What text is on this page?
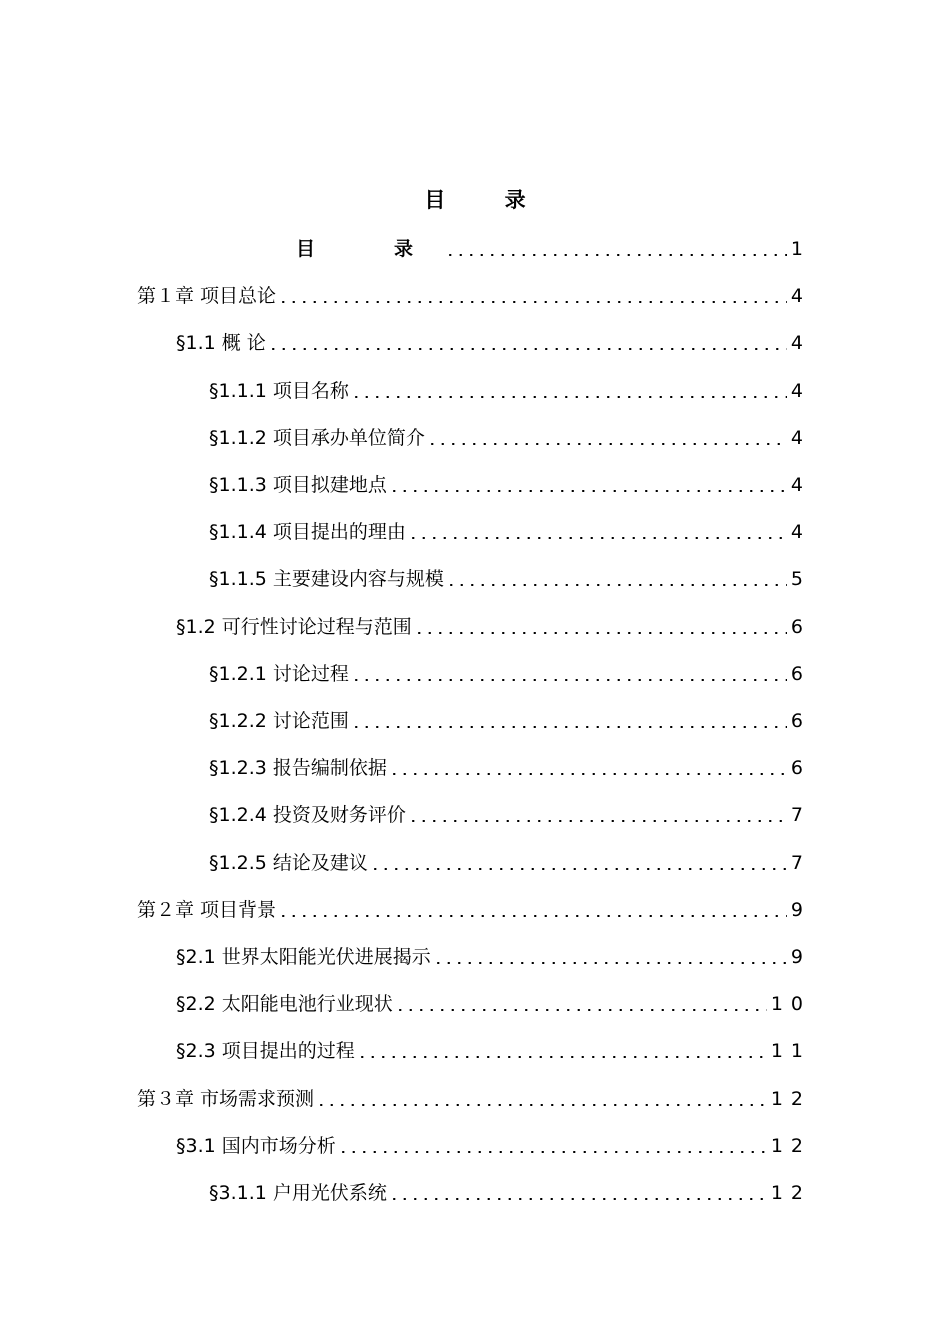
目 录
目　录	1
第１章 项目总论	4
§1.1 概 论	4
§1.1.1 项目名称	4
§1.1.2 项目承办单位简介	4
§1.1.3 项目拟建地点	4
§1.1.4 项目提出的理由	4
§1.1.5 主要建设内容与规模	5
§1.2 可行性讨论过程与范围	6
§1.2.1 讨论过程	6
§1.2.2 讨论范围	6
§1.2.3 报告编制依据	6
§1.2.4 投资及财务评价	7
§1.2.5 结论及建议	7
第２章 项目背景	9
§2.1 世界太阳能光伏进展揭示	9
§2.2 太阳能电池行业现状	10
§2.3 项目提出的过程	11
第３章 市场需求预测	12
§3.1 国内市场分析	12
§3.1.1 户用光伏系统	12
